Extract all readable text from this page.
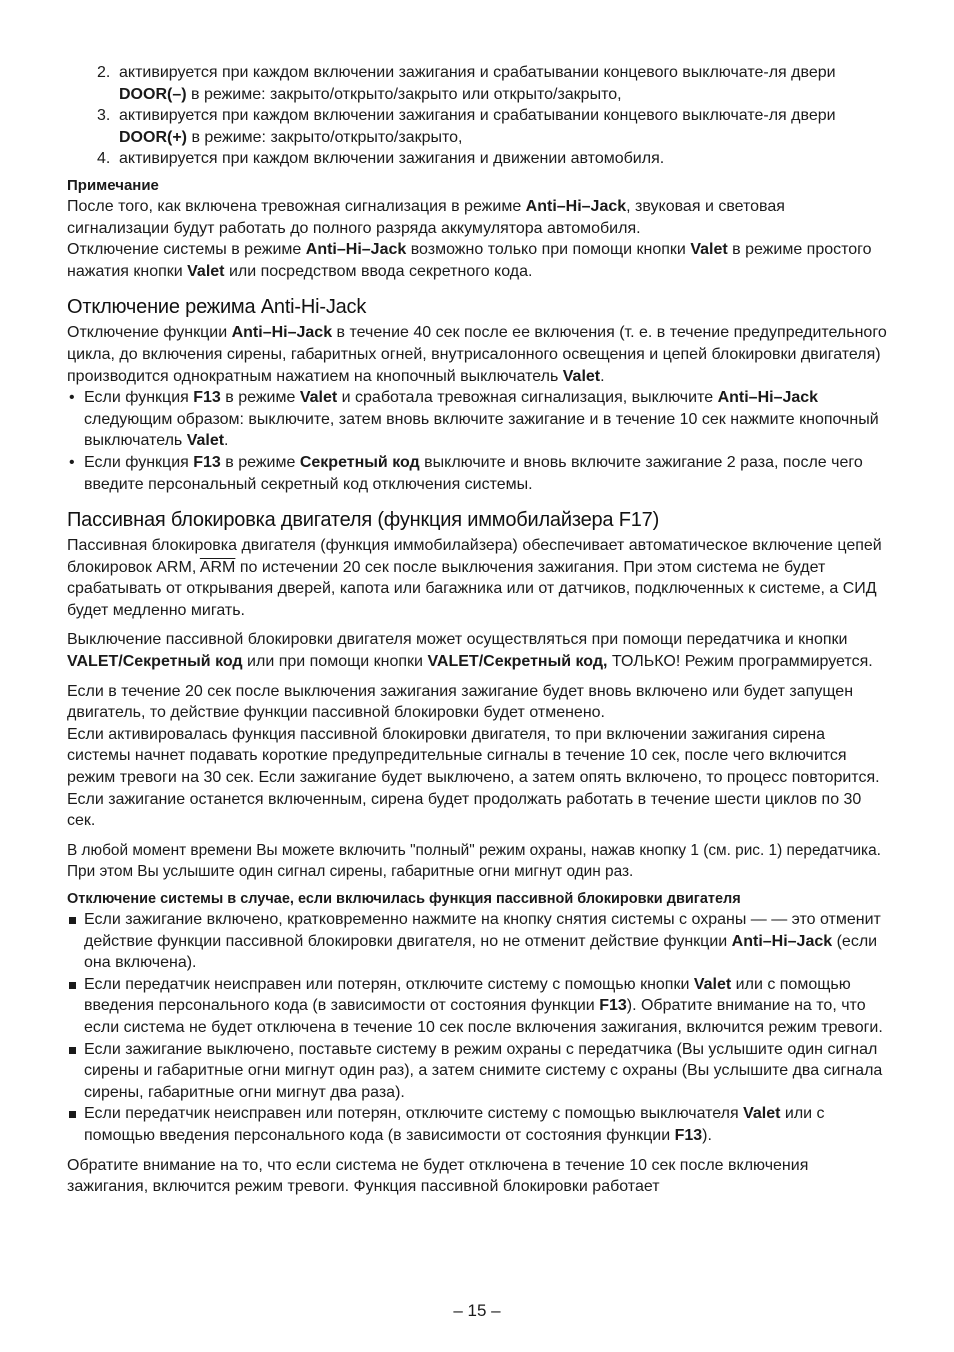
2. активируется при каждом включении зажигания и срабатывании концевого выключате-ля двери DOOR(–) в режиме: закрыто/открыто/закрыто или открыто/закрыто,
3. активируется при каждом включении зажигания и срабатывании концевого выключате-ля двери DOOR(+) в режиме: закрыто/открыто/закрыто,
4. активируется при каждом включении зажигания и движении автомобиля.
Примечание

После того, как включена тревожная сигнализация в режиме Anti–Hi–Jack, звуковая и световая сигнализации будут работать до полного разряда аккумулятора автомобиля.

Отключение системы в режиме Anti–Hi–Jack возможно только при помощи кнопки Valet в режиме простого нажатия кнопки Valet или посредством ввода секретного кода.

Отключение режима Anti-Hi-Jack

Отключение функции Anti–Hi–Jack в течение 40 сек после ее включения (т. е. в течение предупредительного цикла, до включения сирены, габаритных огней, внутрисалонного освещения и цепей блокировки двигателя) производится однократным нажатием на кнопочный выключатель Valet.

• Если функция F13 в режиме Valet и сработала тревожная сигнализация, выключите Anti–Hi–Jack следующим образом: выключите, затем вновь включите зажигание и в течение 10 сек нажмите кнопочный выключатель Valet.
• Если функция F13 в режиме Секретный код выключите и вновь включите зажигание 2 раза, после чего введите персональный секретный код отключения системы.
Пассивная блокировка двигателя (функция иммобилайзера F17)

Пассивная блокировка двигателя (функция иммобилайзера) обеспечивает автоматическое включение цепей блокировок ARM, $\overline{ARM}$ по истечении 20 сек после выключения зажигания. При этом система не будет срабатывать от открывания дверей, капота или багажника или от датчиков, подключенных к системе, а СИД будет медленно мигать.

Выключение пассивной блокировки двигателя может осуществляться при помощи передатчика и кнопки VALET/Секретный код или при помощи кнопки VALET/Секретный код, ТОЛЬКО! Режим программируется.

Если в течение 20 сек после выключения зажигания зажигание будет вновь включено или будет запущен двигатель, то действие функции пассивной блокировки будет отменено.

Если активировалась функция пассивной блокировки двигателя, то при включении зажигания сирена системы начнет подавать короткие предупредительные сигналы в течение 10 сек, после чего включится режим тревоги на 30 сек. Если зажигание будет выключено, а затем опять включено, то процесс повторится. Если зажигание останется включенным, сирена будет продолжать работать в течение шести циклов по 30 сек.

В любой момент времени Вы можете включить "полный" режим охраны, нажав кнопку 1 (см. рис. 1) передатчика. При этом Вы услышите один сигнал сирены, габаритные огни мигнут один раз.

Отключение системы в случае, если включилась функция пассивной блокировки двигателя
Если зажигание включено, кратковременно нажмите на кнопку снятия системы с охраны — — это отменит действие функции пассивной блокировки двигателя, но не отменит действие функции Anti–Hi–Jack (если она включена).
Если передатчик неисправен или потерян, отключите систему с помощью кнопки Valet или с помощью введения персонального кода (в зависимости от состояния функции F13). Обратите внимание на то, что если система не будет отключена в течение 10 сек после включения зажигания, включится режим тревоги.
Если зажигание выключено, поставьте систему в режим охраны с передатчика (Вы услышите один сигнал сирены и габаритные огни мигнут один раз), а затем снимите систему с охраны (Вы услышите два сигнала сирены, габаритные огни мигнут два раза).
Если передатчик неисправен или потерян, отключите систему с помощью выключателя Valet или с помощью введения персонального кода (в зависимости от состояния функции F13).

Обратите внимание на то, что если система не будет отключена в течение 10 сек после включения зажигания, включится режим тревоги. Функция пассивной блокировки работает

– 15 –
